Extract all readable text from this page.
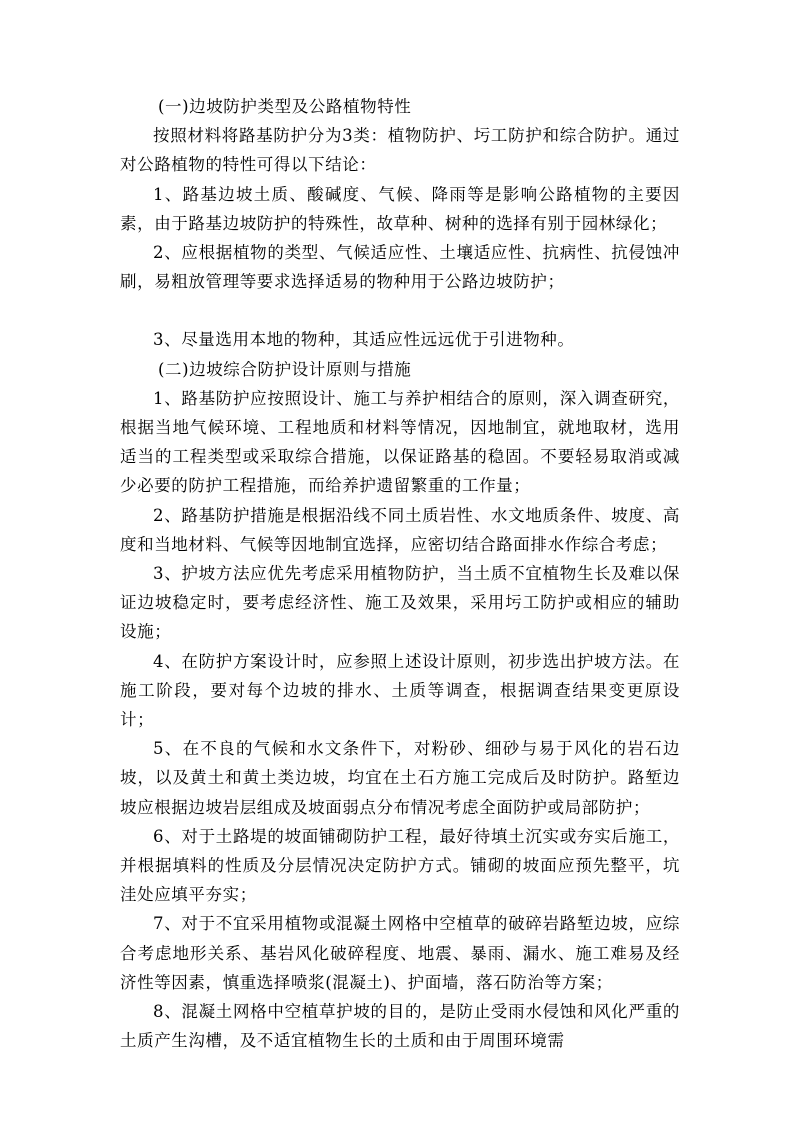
(一)边坡防护类型及公路植物特性

按照材料将路基防护分为3类：植物防护、圬工防护和综合防护。通过对公路植物的特性可得以下结论：

1、路基边坡土质、酸碱度、气候、降雨等是影响公路植物的主要因素，由于路基边坡防护的特殊性，故草种、树种的选择有别于园林绿化；

2、应根据植物的类型、气候适应性、土壤适应性、抗病性、抗侵蚀冲刷，易粗放管理等要求选择适易的物种用于公路边坡防护；

3、尽量选用本地的物种，其适应性远远优于引进物种。

(二)边坡综合防护设计原则与措施

1、路基防护应按照设计、施工与养护相结合的原则，深入调查研究，根据当地气候环境、工程地质和材料等情况，因地制宜，就地取材，选用适当的工程类型或采取综合措施，以保证路基的稳固。不要轻易取消或减少必要的防护工程措施，而给养护遗留繁重的工作量；

2、路基防护措施是根据沿线不同土质岩性、水文地质条件、坡度、高度和当地材料、气候等因地制宜选择，应密切结合路面排水作综合考虑；

3、护坡方法应优先考虑采用植物防护，当土质不宜植物生长及难以保证边坡稳定时，要考虑经济性、施工及效果，采用圬工防护或相应的辅助设施；

4、在防护方案设计时，应参照上述设计原则，初步选出护坡方法。在施工阶段，要对每个边坡的排水、土质等调查，根据调查结果变更原设计；

5、在不良的气候和水文条件下，对粉砂、细砂与易于风化的岩石边坡，以及黄土和黄土类边坡，均宜在土石方施工完成后及时防护。路堑边坡应根据边坡岩层组成及坡面弱点分布情况考虑全面防护或局部防护；

6、对于土路堤的坡面铺砌防护工程，最好待填土沉实或夯实后施工，并根据填料的性质及分层情况决定防护方式。铺砌的坡面应预先整平，坑洼处应填平夯实；

7、对于不宜采用植物或混凝土网格中空植草的破碎岩路堑边坡，应综合考虑地形关系、基岩风化破碎程度、地震、暴雨、漏水、施工难易及经济性等因素，慎重选择喷浆(混凝土)、护面墙，落石防治等方案；

8、混凝土网格中空植草护坡的目的，是防止受雨水侵蚀和风化严重的土质产生沟槽，及不适宜植物生长的土质和由于周围环境需
